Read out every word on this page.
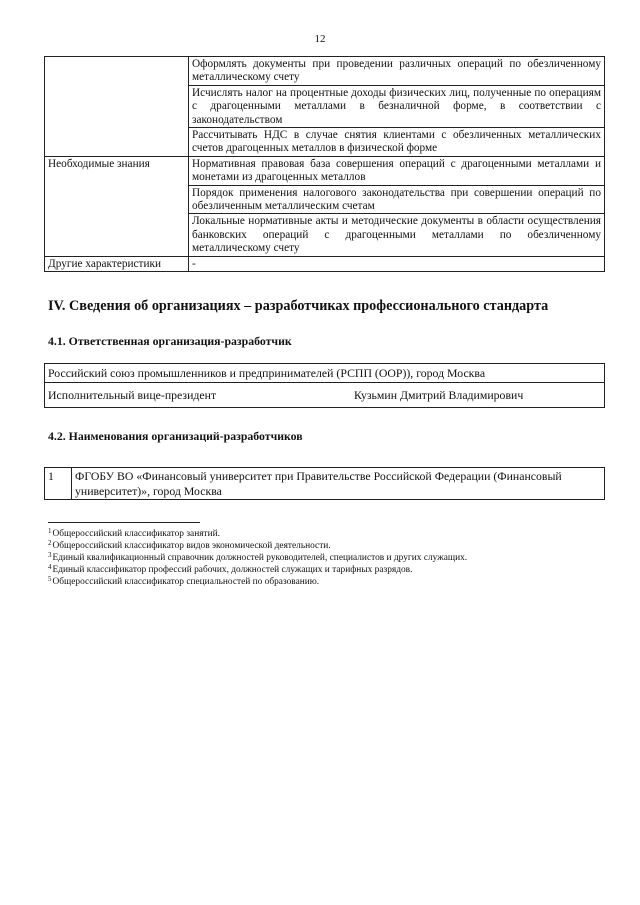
12
	Оформлять документы при проведении различных операций по обезличенному металлическому счету
	Исчислять налог на процентные доходы физических лиц, полученные по операциям с драгоценными металлами в безналичной форме, в соответствии с законодательством
	Рассчитывать НДС в случае снятия клиентами с обезличенных металлических счетов драгоценных металлов в физической форме
Необходимые знания	Нормативная правовая база совершения операций с драгоценными металлами и монетами из драгоценных металлов
	Порядок применения налогового законодательства при совершении операций по обезличенным металлическим счетам
	Локальные нормативные акты и методические документы в области осуществления банковских операций с драгоценными металлами по обезличенному металлическому счету
Другие характеристики	-
IV. Сведения об организациях – разработчиках профессионального стандарта
4.1. Ответственная организация-разработчик
Российский союз промышленников и предпринимателей (РСПП (ООР)), город Москва

Исполнительный вице-президент	Кузьмин Дмитрий Владимирович
4.2. Наименования организаций-разработчиков
1	ФГОБУ ВО «Финансовый университет при Правительстве Российской Федерации (Финансовый университет)», город Москва
$^1$Общероссийский классификатор занятий.
$^2$Общероссийский классификатор видов экономической деятельности.
$^3$Единый квалификационный справочник должностей руководителей, специалистов и других служащих.
$^4$Единый классификатор профессий рабочих, должностей служащих и тарифных разрядов.
$^5$Общероссийский классификатор специальностей по образованию.
